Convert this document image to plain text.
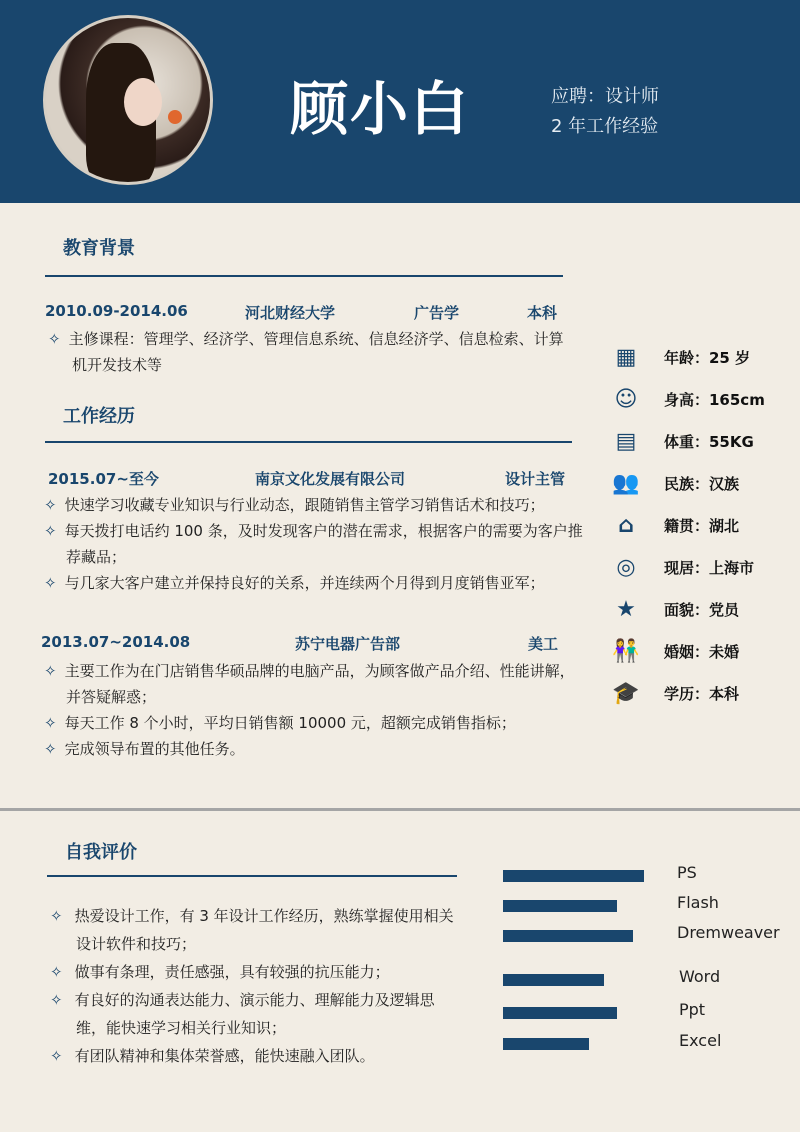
顾小白	应聘：设计师
2 年工作经验
教育背景
2010.09-2014.06	河北财经大学	广告学	本科
✧ 主修课程：管理学、经济学、管理信息系统、信息经济学、信息检索、计算机开发技术等
工作经历
2015.07~至今	南京文化发展有限公司	设计主管
✧ 快速学习收藏专业知识与行业动态，跟随销售主管学习销售话术和技巧；
✧ 每天拨打电话约 100 条，及时发现客户的潜在需求，根据客户的需要为客户推荐藏品；
✧ 与几家大客户建立并保持良好的关系，并连续两个月得到月度销售亚军；
2013.07~2014.08	苏宁电器广告部	美工
✧ 主要工作为在门店销售华硕品牌的电脑产品，为顾客做产品介绍、性能讲解，并答疑解惑；
✧ 每天工作 8 个小时，平均日销售额 10000 元，超额完成销售指标；
✧ 完成领导布置的其他任务。
▦ 年龄：25 岁
☺ 身高：165cm
▤ 体重：55KG
👥 民族：汉族
⌂	籍贯：湖北
◎ 现居：上海市
★ 面貌：党员
👫 婚姻：未婚
🎓 学历：本科
自我评价
✧ 热爱设计工作，有 3 年设计工作经历，熟练掌握使用相关设计软件和技巧；
✧ 做事有条理，责任感强，具有较强的抗压能力；
✧ 有良好的沟通表达能力、演示能力、理解能力及逻辑思维，能快速学习相关行业知识；
✧ 有团队精神和集体荣誉感，能快速融入团队。
PS
Flash
Dremweaver
Word
Ppt
Excel
